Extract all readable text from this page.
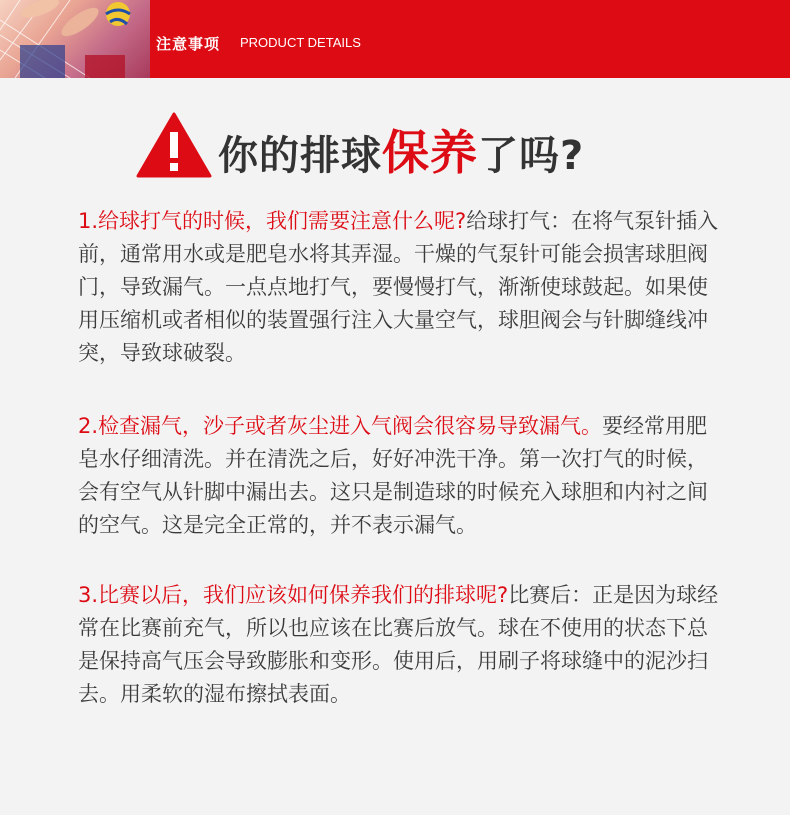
注意事项 PRODUCT DETAILS
你的排球保养了吗?
1.给球打气的时候，我们需要注意什么呢?给球打气：在将气泵针插入前，通常用水或是肥皂水将其弄湿。干燥的气泵针可能会损害球胆阀门，导致漏气。一点点地打气，要慢慢打气，渐渐使球鼓起。如果使用压缩机或者相似的装置强行注入大量空气，球胆阀会与针脚缝线冲突，导致球破裂。
2.检查漏气，沙子或者灰尘进入气阀会很容易导致漏气。要经常用肥皂水仔细清洗。并在清洗之后，好好冲洗干净。第一次打气的时候，会有空气从针脚中漏出去。这只是制造球的时候充入球胆和内衬之间的空气。这是完全正常的，并不表示漏气。
3.比赛以后，我们应该如何保养我们的排球呢?比赛后：正是因为球经常在比赛前充气，所以也应该在比赛后放气。球在不使用的状态下总是保持高气压会导致膨胀和变形。使用后，用刷子将球缝中的泥沙扫去。用柔软的湿布擦拭表面。
